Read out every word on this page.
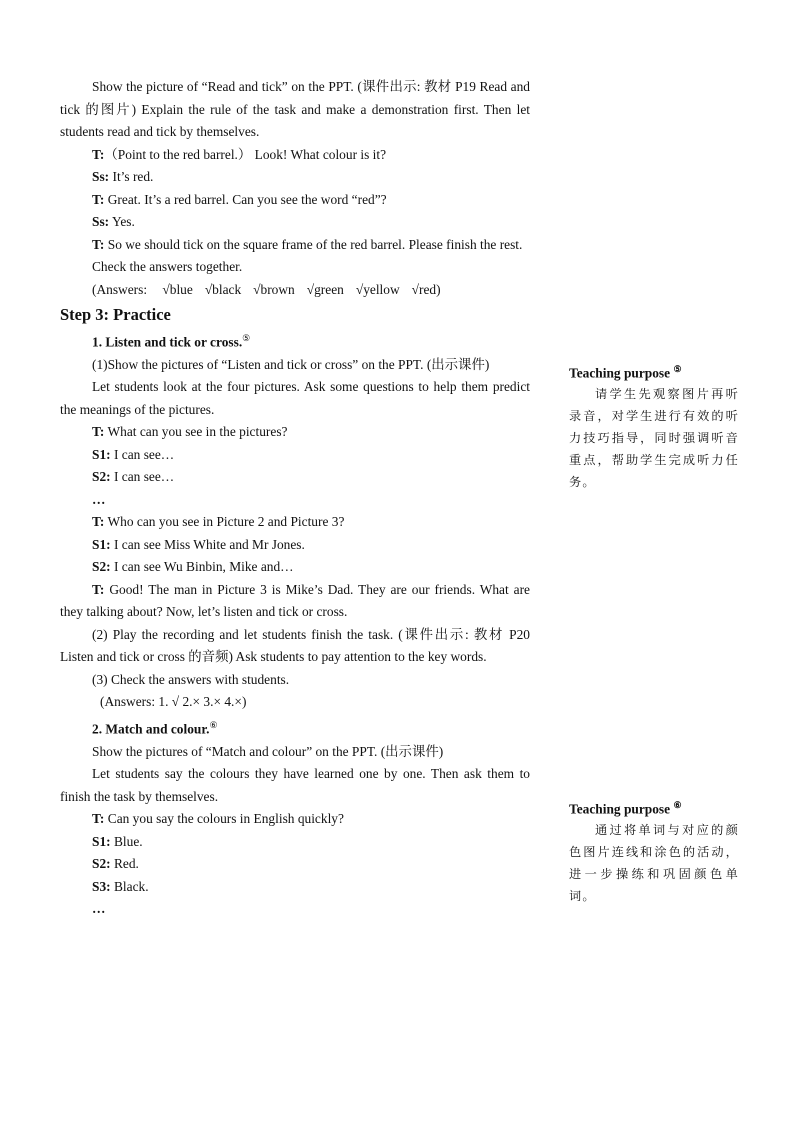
Show the picture of “Read and tick” on the PPT. (课件出示: 教材 P19 Read and tick 的图片) Explain the rule of the task and make a demonstration first. Then let students read and tick by themselves.

T:（Point to the red barrel.） Look! What colour is it?

Ss: It’s red.

T: Great. It’s a red barrel. Can you see the word “red”?

Ss: Yes.

T: So we should tick on the square frame of the red barrel. Please finish the rest.

Check the answers together.

(Answers: √blue √black √brown √green √yellow √red)

Step 3: Practice

1. Listen and tick or cross.⑤

(1)Show the pictures of “Listen and tick or cross” on the PPT. (出示课件)

Let students look at the four pictures. Ask some questions to help them predict the meanings of the pictures.

T: What can you see in the pictures?

S1: I can see…

S2: I can see…

…

T: Who can you see in Picture 2 and Picture 3?

S1: I can see Miss White and Mr Jones.

S2: I can see Wu Binbin, Mike and…

T: Good! The man in Picture 3 is Mike’s Dad. They are our friends. What are they talking about? Now, let’s listen and tick or cross.

(2) Play the recording and let students finish the task. (课件出示: 教材 P20 Listen and tick or cross 的音频) Ask students to pay attention to the key words.

(3) Check the answers with students.

(Answers: 1. √ 2.× 3.× 4.×)

2. Match and colour.⑥

Show the pictures of “Match and colour” on the PPT. (出示课件)

Let students say the colours they have learned one by one. Then ask them to finish the task by themselves.

T: Can you say the colours in English quickly?

S1: Blue.

S2: Red.

S3: Black.

…

Teaching purpose ⑤

请学生先观察图片再听录音，对学生进行有效的听力技巧指导，同时强调听音重点，帮助学生完成听力任务。

Teaching purpose ⑥

通过将单词与对应的颜色图片连线和涂色的活动，进一步操练和巩固颜色单词。
